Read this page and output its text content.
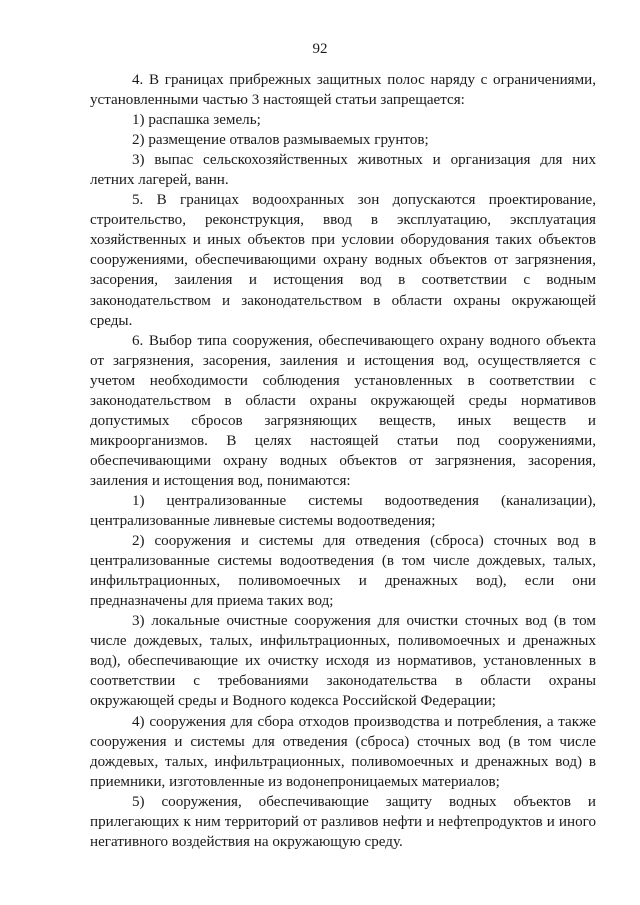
92

4. В границах прибрежных защитных полос наряду с ограничениями, установленными частью 3 настоящей статьи запрещается:

1) распашка земель;

2) размещение отвалов размываемых грунтов;

3) выпас сельскохозяйственных животных и организация для них летних лагерей, ванн.

5. В границах водоохранных зон допускаются проектирование, строительство, реконструкция, ввод в эксплуатацию, эксплуатация хозяйственных и иных объектов при условии оборудования таких объектов сооружениями, обеспечивающими охрану водных объектов от загрязнения, засорения, заиления и истощения вод в соответствии с водным законодательством и законодательством в области охраны окружающей среды.

6. Выбор типа сооружения, обеспечивающего охрану водного объекта от загрязнения, засорения, заиления и истощения вод, осуществляется с учетом необходимости соблюдения установленных в соответствии с законодательством в области охраны окружающей среды нормативов допустимых сбросов загрязняющих веществ, иных веществ и микроорганизмов. В целях настоящей статьи под сооружениями, обеспечивающими охрану водных объектов от загрязнения, засорения, заиления и истощения вод, понимаются:

1) централизованные системы водоотведения (канализации), централизованные ливневые системы водоотведения;

2) сооружения и системы для отведения (сброса) сточных вод в централизованные системы водоотведения (в том числе дождевых, талых, инфильтрационных, поливомоечных и дренажных вод), если они предназначены для приема таких вод;

3) локальные очистные сооружения для очистки сточных вод (в том числе дождевых, талых, инфильтрационных, поливомоечных и дренажных вод), обеспечивающие их очистку исходя из нормативов, установленных в соответствии с требованиями законодательства в области охраны окружающей среды и Водного кодекса Российской Федерации;

4) сооружения для сбора отходов производства и потребления, а также сооружения и системы для отведения (сброса) сточных вод (в том числе дождевых, талых, инфильтрационных, поливомоечных и дренажных вод) в приемники, изготовленные из водонепроницаемых материалов;

5) сооружения, обеспечивающие защиту водных объектов и прилегающих к ним территорий от разливов нефти и нефтепродуктов и иного негативного воздействия на окружающую среду.
